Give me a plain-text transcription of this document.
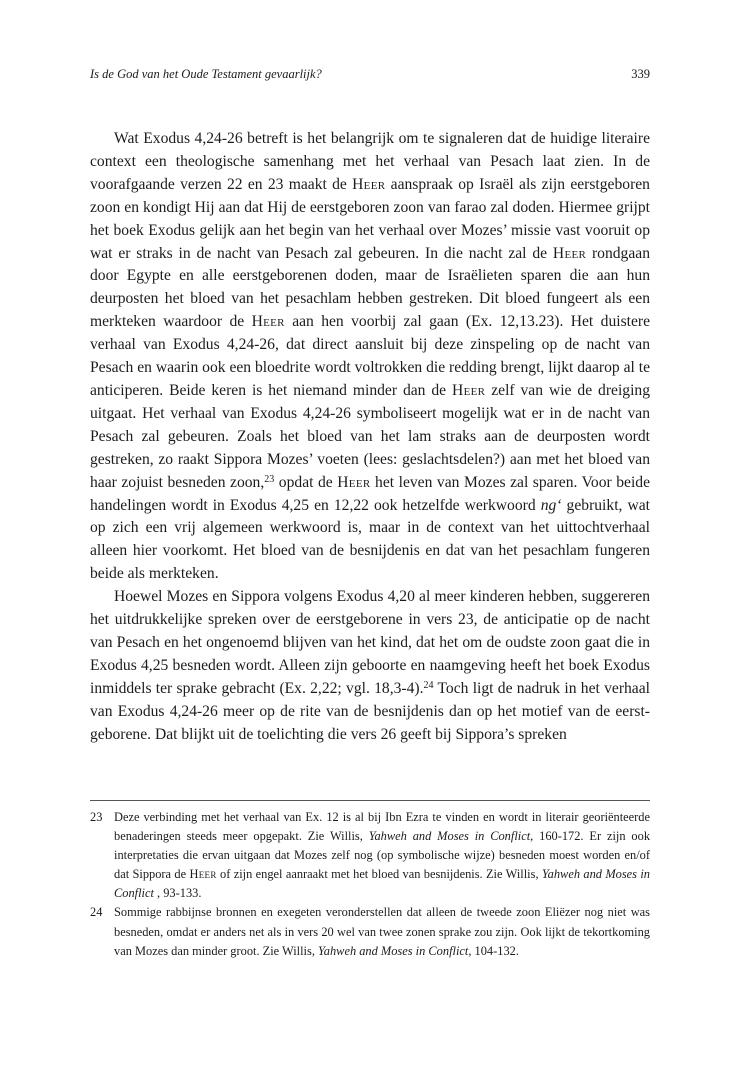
Is de God van het Oude Testament gevaarlijk?	339

Wat Exodus 4,24-26 betreft is het belangrijk om te signaleren dat de huidige literaire context een theologische samenhang met het verhaal van Pesach laat zien. In de voorafgaande verzen 22 en 23 maakt de Heer aanspraak op Israël als zijn eerstgeboren zoon en kondigt Hij aan dat Hij de eerstgeboren zoon van farao zal doden. Hiermee grijpt het boek Exodus gelijk aan het begin van het verhaal over Mozes’ missie vast vooruit op wat er straks in de nacht van Pesach zal gebeuren. In die nacht zal de Heer rondgaan door Egypte en alle eerstgeborenen doden, maar de Israëlieten sparen die aan hun deurposten het bloed van het pesachlam hebben gestreken. Dit bloed fungeert als een merkteken waardoor de Heer aan hen voorbij zal gaan (Ex. 12,13.23). Het duistere verhaal van Exodus 4,24-26, dat direct aansluit bij deze zinspeling op de nacht van Pesach en waarin ook een bloedrite wordt voltrokken die redding brengt, lijkt daarop al te anticiperen. Beide keren is het niemand minder dan de Heer zelf van wie de dreiging uitgaat. Het verhaal van Exodus 4,24-26 symboliseert mogelijk wat er in de nacht van Pesach zal gebeuren. Zoals het bloed van het lam straks aan de deurposten wordt gestreken, zo raakt Sippora Mozes’ voeten (lees: geslachtsdelen?) aan met het bloed van haar zojuist besneden zoon,$^{23}$ opdat de Heer het leven van Mozes zal sparen. Voor beide handelingen wordt in Exodus 4,25 en 12,22 ook hetzelfde werkwoord ng‘ gebruikt, wat op zich een vrij algemeen werkwoord is, maar in de context van het uittochtverhaal alleen hier voorkomt. Het bloed van de besnijdenis en dat van het pesachlam fungeren beide als merkteken.

Hoewel Mozes en Sippora volgens Exodus 4,20 al meer kinderen hebben, suggereren het uitdrukkelijke spreken over de eerstgeborene in vers 23, de anticipatie op de nacht van Pesach en het ongenoemd blijven van het kind, dat het om de oudste zoon gaat die in Exodus 4,25 besneden wordt. Alleen zijn geboorte en naamgeving heeft het boek Exodus inmiddels ter sprake gebracht (Ex. 2,22; vgl. 18,3-4).$^{24}$ Toch ligt de nadruk in het verhaal van Exodus 4,24-26 meer op de rite van de besnijdenis dan op het motief van de eerstgeborene. Dat blijkt uit de toelichting die vers 26 geeft bij Sippora’s spreken

23 Deze verbinding met het verhaal van Ex. 12 is al bij Ibn Ezra te vinden en wordt in literair georiënteerde benaderingen steeds meer opgepakt. Zie Willis, Yahweh and Moses in Conflict, 160-172. Er zijn ook interpretaties die ervan uitgaan dat Mozes zelf nog (op symbolische wijze) besneden moest worden en/of dat Sippora de Heer of zijn engel aanraakt met het bloed van besnijdenis. Zie Willis, Yahweh and Moses in Conflict , 93-133.
24 Sommige rabbijnse bronnen en exegeten veronderstellen dat alleen de tweede zoon Eliëzer nog niet was besneden, omdat er anders net als in vers 20 wel van twee zonen sprake zou zijn. Ook lijkt de tekortkoming van Mozes dan minder groot. Zie Willis, Yahweh and Moses in Conflict, 104-132.
